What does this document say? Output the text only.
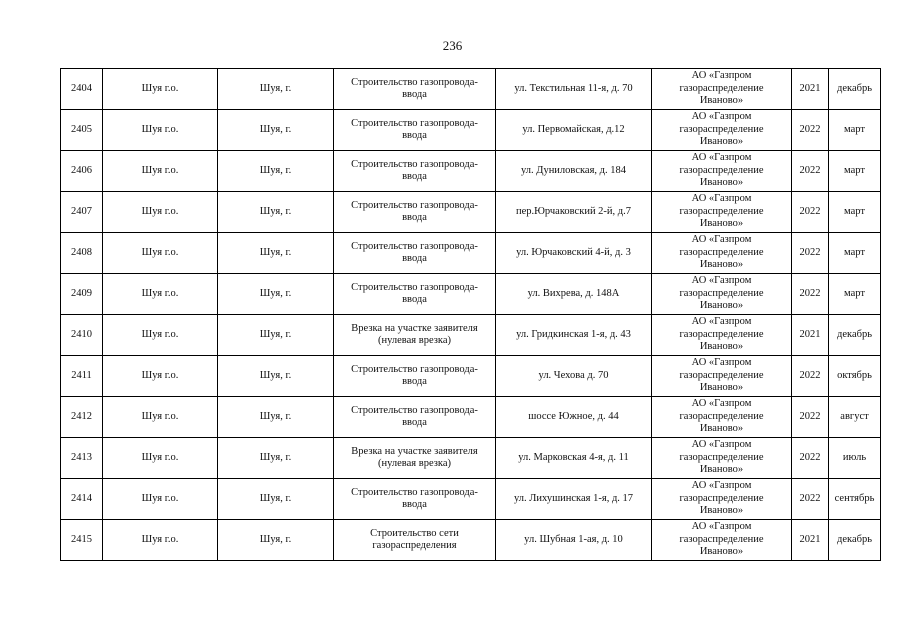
236
2404	Шуя г.о.	Шуя, г.	Строительство газопровода-
ввода	ул. Текстильная 11-я, д. 70	АО «Газпром
газораспределение
Иваново»	2021	декабрь
2405	Шуя г.о.	Шуя, г.	Строительство газопровода-
ввода	ул. Первомайская, д.12	АО «Газпром
газораспределение
Иваново»	2022	март
2406	Шуя г.о.	Шуя, г.	Строительство газопровода-
ввода	ул. Дуниловская, д. 184	АО «Газпром
газораспределение
Иваново»	2022	март
2407	Шуя г.о.	Шуя, г.	Строительство газопровода-
ввода	пер.Юрчаковский 2-й, д.7	АО «Газпром
газораспределение
Иваново»	2022	март
2408	Шуя г.о.	Шуя, г.	Строительство газопровода-
ввода	ул. Юрчаковский 4-й, д. 3	АО «Газпром
газораспределение
Иваново»	2022	март
2409	Шуя г.о.	Шуя, г.	Строительство газопровода-
ввода	ул. Вихрева, д. 148А	АО «Газпром
газораспределение
Иваново»	2022	март
2410	Шуя г.о.	Шуя, г.	Врезка на участке заявителя
(нулевая врезка)	ул. Гридкинская 1-я, д. 43	АО «Газпром
газораспределение
Иваново»	2021	декабрь
2411	Шуя г.о.	Шуя, г.	Строительство газопровода-
ввода	ул. Чехова д. 70	АО «Газпром
газораспределение
Иваново»	2022	октябрь
2412	Шуя г.о.	Шуя, г.	Строительство газопровода-
ввода	шоссе Южное, д. 44	АО «Газпром
газораспределение
Иваново»	2022	август
2413	Шуя г.о.	Шуя, г.	Врезка на участке заявителя
(нулевая врезка)	ул. Марковская 4-я, д. 11	АО «Газпром
газораспределение
Иваново»	2022	июль
2414	Шуя г.о.	Шуя, г.	Строительство газопровода-
ввода	ул. Лихушинская 1-я, д. 17	АО «Газпром
газораспределение
Иваново»	2022	сентябрь
2415	Шуя г.о.	Шуя, г.	Строительство сети
газораспределения	ул. Шубная 1-ая, д. 10	АО «Газпром
газораспределение
Иваново»	2021	декабрь
